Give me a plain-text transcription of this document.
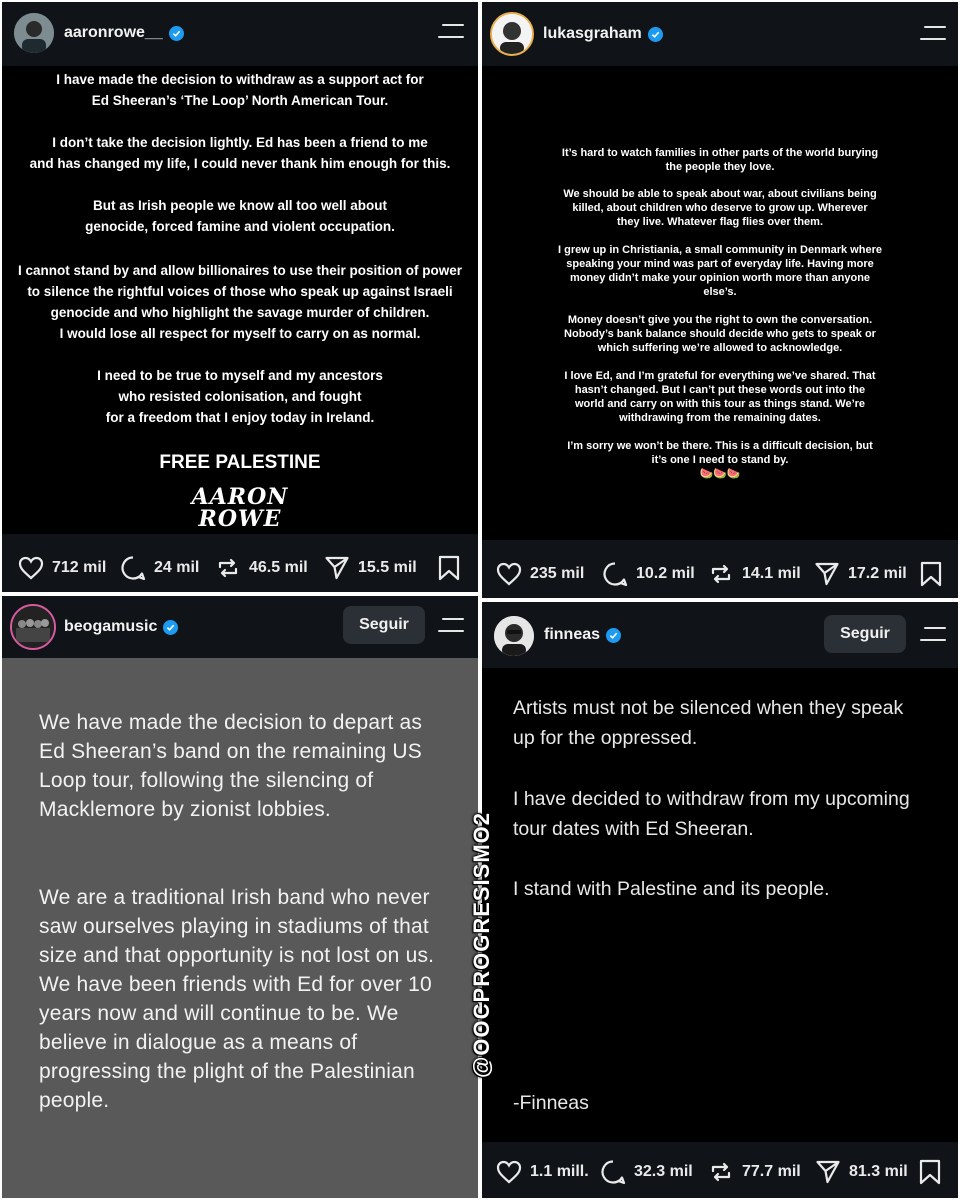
aaronrowe__

I have made the decision to withdraw as a support act for
Ed Sheeran’s ‘The Loop’ North American Tour.

I don’t take the decision lightly. Ed has been a friend to me
and has changed my life, I could never thank him enough for this.

But as Irish people we know all too well about
genocide, forced famine and violent occupation.

I cannot stand by and allow billionaires to use their position of power
to silence the rightful voices of those who speak up against Israeli
genocide and who highlight the savage murder of children.
I would lose all respect for myself to carry on as normal.

I need to be true to myself and my ancestors
who resisted colonisation, and fought
for a freedom that I enjoy today in Ireland.

FREE PALESTINE

AARON
ROWE

712 mil	24 mil	46.5 mil	15.5 mil
lukasgraham

It’s hard to watch families in other parts of the world burying
the people they love.

We should be able to speak about war, about civilians being
killed, about children who deserve to grow up. Wherever
they live. Whatever flag flies over them.

I grew up in Christiania, a small community in Denmark where
speaking your mind was part of everyday life. Having more
money didn’t make your opinion worth more than anyone
else’s.

Money doesn’t give you the right to own the conversation.
Nobody’s bank balance should decide who gets to speak or
which suffering we’re allowed to acknowledge.

I love Ed, and I’m grateful for everything we’ve shared. That
hasn’t changed. But I can’t put these words out into the
world and carry on with this tour as things stand. We’re
withdrawing from the remaining dates.

I’m sorry we won’t be there. This is a difficult decision, but
it’s one I need to stand by.

🍉🍉🍉

235 mil	10.2 mil	14.1 mil	17.2 mil
beogamusic	Seguir

We have made the decision to depart as Ed Sheeran’s band on the remaining US Loop tour, following the silencing of Macklemore by zionist lobbies.

We are a traditional Irish band who never saw ourselves playing in stadiums of that size and that opportunity is not lost on us. We have been friends with Ed for over 10 years now and will continue to be. We believe in dialogue as a means of progressing the plight of the Palestinian people.

finneas	Seguir

Artists must not be silenced when they speak up for the oppressed.

I have decided to withdraw from my upcoming tour dates with Ed Sheeran.

I stand with Palestine and its people.

-Finneas

1.1 mill.	32.3 mil	77.7 mil	81.3 mil
@OOCPROGRESISMO2
